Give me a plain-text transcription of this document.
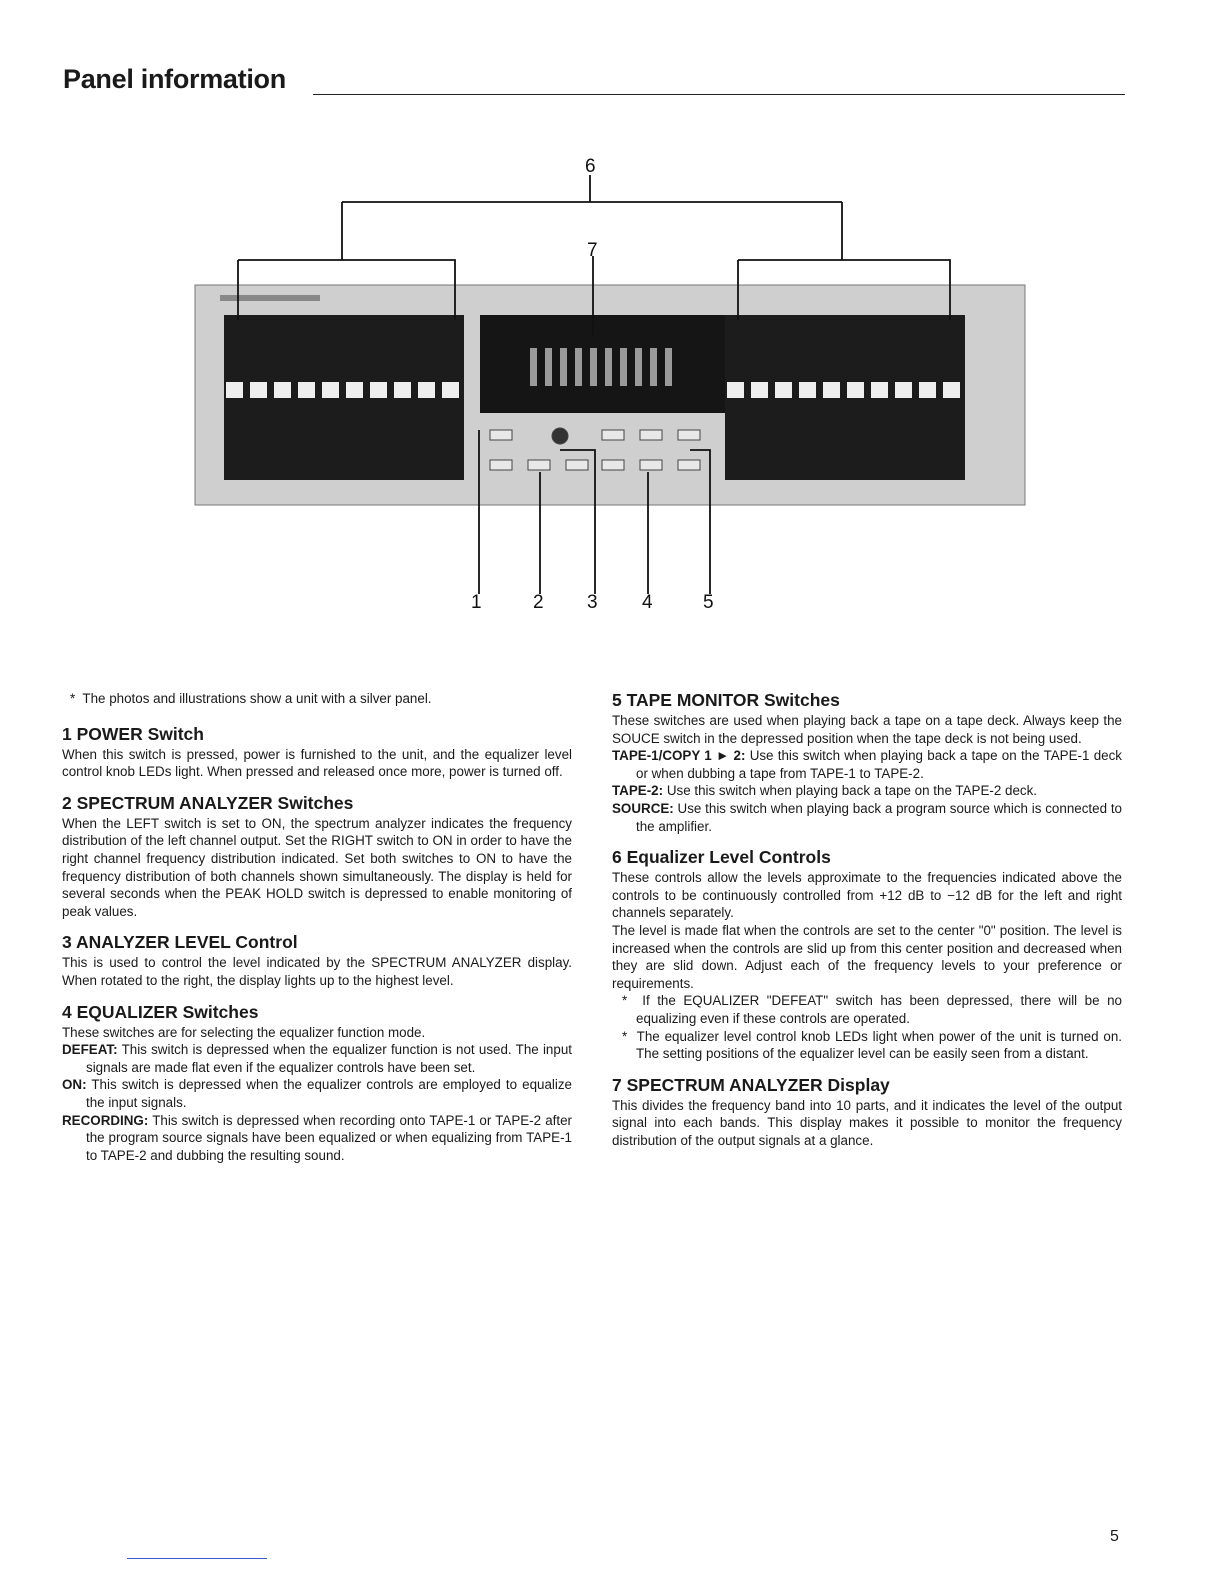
Panel information
1	2 3 4	5
6
7

*  The photos and illustrations show a unit with a silver panel.

1 POWER Switch

When this switch is pressed, power is furnished to the unit, and the equalizer level control knob LEDs light. When pressed and released once more, power is turned off.

2 SPECTRUM ANALYZER Switches

When the LEFT switch is set to ON, the spectrum analyzer indicates the frequency distribution of the left channel output. Set the RIGHT switch to ON in order to have the right channel frequency distribution indicated. Set both switches to ON to have the frequency distribution of both channels shown simultaneously. The display is held for several seconds when the PEAK HOLD switch is depressed to enable monitoring of peak values.

3 ANALYZER LEVEL Control

This is used to control the level indicated by the SPECTRUM ANALYZER display. When rotated to the right, the display lights up to the highest level.

4 EQUALIZER Switches

These switches are for selecting the equalizer function mode.

DEFEAT: This switch is depressed when the equalizer function is not used. The input signals are made flat even if the equalizer controls have been set.

ON: This switch is depressed when the equalizer controls are employed to equalize the input signals.

RECORDING: This switch is depressed when recording onto TAPE-1 or TAPE-2 after the program source signals have been equalized or when equalizing from TAPE-1 to TAPE-2 and dubbing the resulting sound.

5 TAPE MONITOR Switches

These switches are used when playing back a tape on a tape deck. Always keep the SOUCE switch in the depressed position when the tape deck is not being used.

TAPE-1/COPY 1 ► 2: Use this switch when playing back a tape on the TAPE-1 deck or when dubbing a tape from TAPE-1 to TAPE-2.

TAPE-2: Use this switch when playing back a tape on the TAPE-2 deck.

SOURCE: Use this switch when playing back a program source which is connected to the amplifier.

6 Equalizer Level Controls

These controls allow the levels approximate to the frequencies indicated above the controls to be continuously controlled from +12 dB to −12 dB for the left and right channels separately.

The level is made flat when the controls are set to the center "0" position. The level is increased when the controls are slid up from this center position and decreased when they are slid down. Adjust each of the frequency levels to your preference or requirements.

*  If the EQUALIZER "DEFEAT" switch has been depressed, there will be no equalizing even if these controls are operated.

*  The equalizer level control knob LEDs light when power of the unit is turned on. The setting positions of the equalizer level can be easily seen from a distant.

7 SPECTRUM ANALYZER Display

This divides the frequency band into 10 parts, and it indicates the level of the output signal into each bands. This display makes it possible to monitor the frequency distribution of the output signals at a glance.

5
